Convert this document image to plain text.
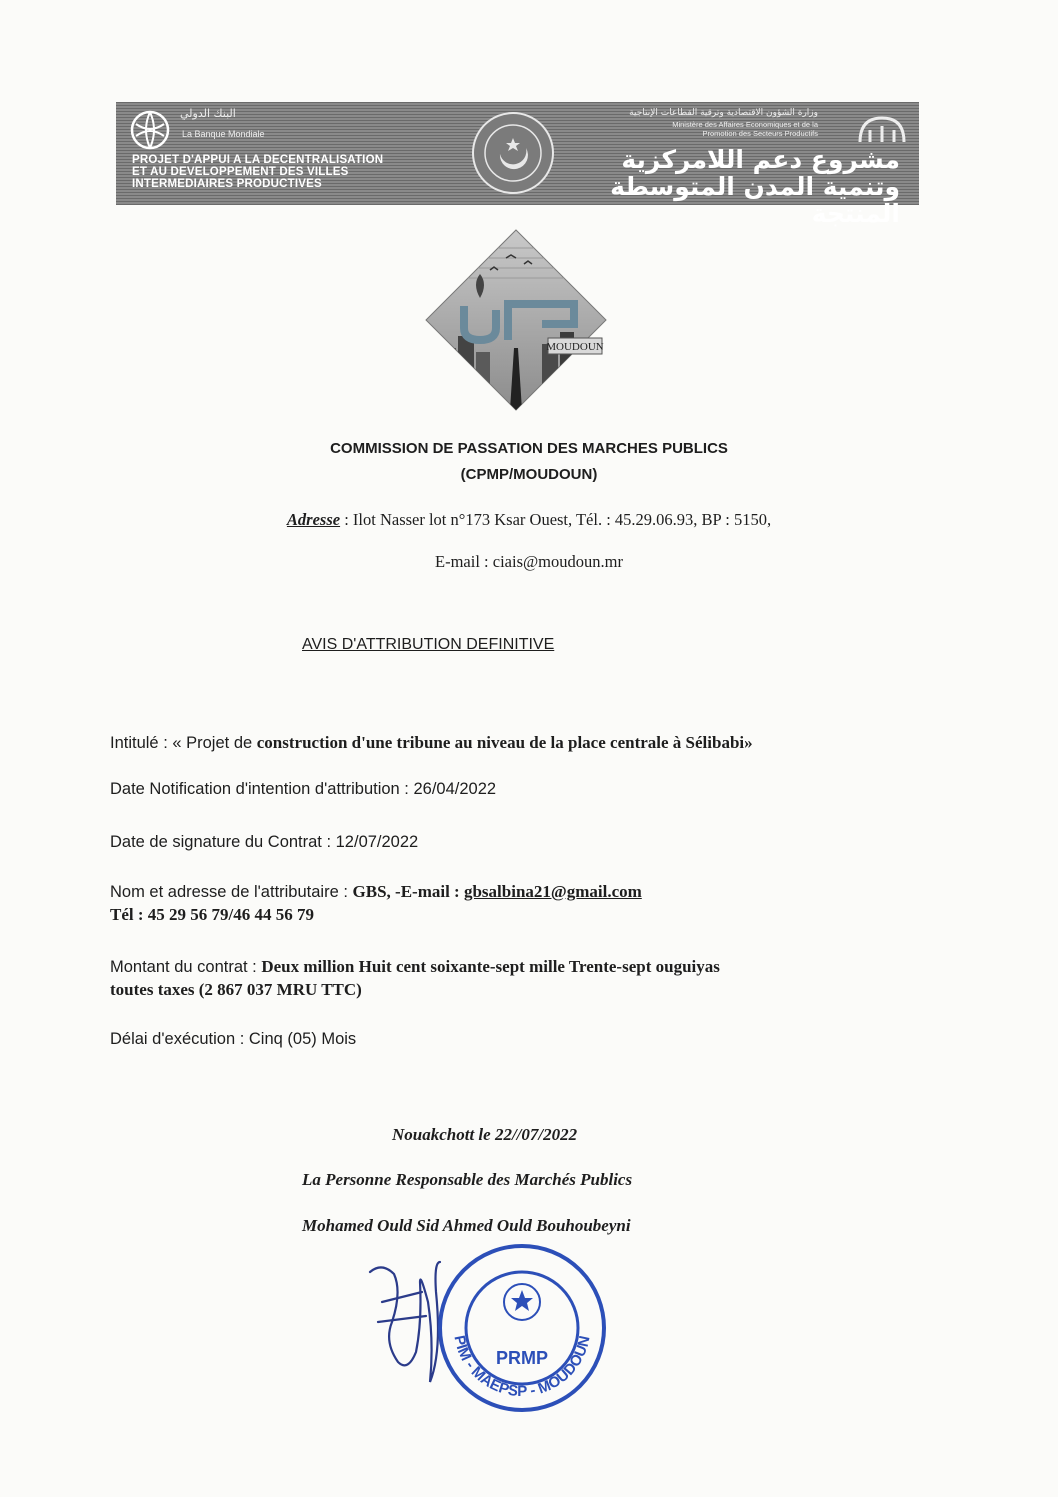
البنك الدولي
La Banque Mondiale
PROJET D'APPUI A LA DECENTRALISATION
ET AU DEVELOPPEMENT DES VILLES
INTERMEDIAIRES PRODUCTIVES
وزارة الشؤون الاقتصادية وترقية القطاعات الإنتاجية
Ministère des Affaires Economiques et de la
Promotion des Secteurs Productifs
مشروع دعم اللامركزية
وتنمية المدن المتوسطة المنتجة
MOUDOUN
COMMISSION DE PASSATION DES MARCHES PUBLICS
(CPMP/MOUDOUN)
Adresse : Ilot Nasser lot n°173 Ksar Ouest, Tél. : 45.29.06.93, BP : 5150,
E-mail : ciais@moudoun.mr
AVIS D'ATTRIBUTION DEFINITIVE
Intitulé : « Projet de construction d'une tribune au niveau de la place centrale à Sélibabi»
Date Notification d'intention d'attribution : 26/04/2022
Date de signature du Contrat : 12/07/2022
Nom et adresse de l'attributaire : GBS, -E-mail : gbsalbina21@gmail.com
Tél : 45 29 56 79/46 44 56 79
Montant du contrat : Deux million Huit cent soixante-sept mille Trente-sept ouguiyas
toutes taxes (2 867 037 MRU TTC)
Délai d'exécution : Cinq (05) Mois
Nouakchott le 22//07/2022
La Personne Responsable des Marchés Publics
Mohamed Ould Sid Ahmed Ould Bouhoubeyni
PIM - MAEPSP - MOUDOUN
PRMP
